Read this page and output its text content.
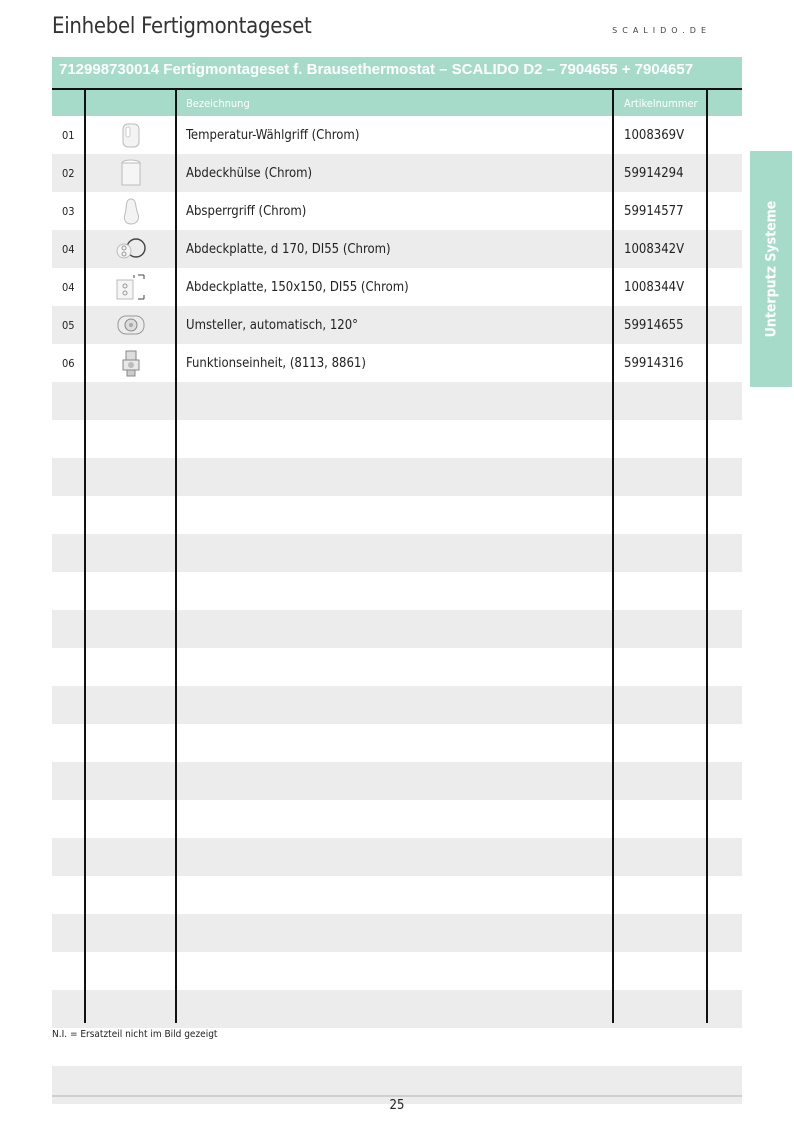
Einhebel Fertigmontageset	SCALIDO.DE
712998730014 Fertigmontageset f. Brausethermostat – SCALIDO D2 – 7904655 + 7904657
Bezeichnung	Artikelnummer
01	Temperatur-Wählgriff (Chrom)	1008369V
02	Abdeckhülse (Chrom)	59914294
03	Absperrgriff (Chrom)	59914577
04	Abdeckplatte, d 170, DI55 (Chrom)	1008342V
04	Abdeckplatte, 150x150, DI55 (Chrom)	1008344V
05	Umsteller, automatisch, 120°	59914655
06	Funktionseinheit, (8113, 8861)	59914316
Unterputz Systeme
N.I. = Ersatzteil nicht im Bild gezeigt
25
